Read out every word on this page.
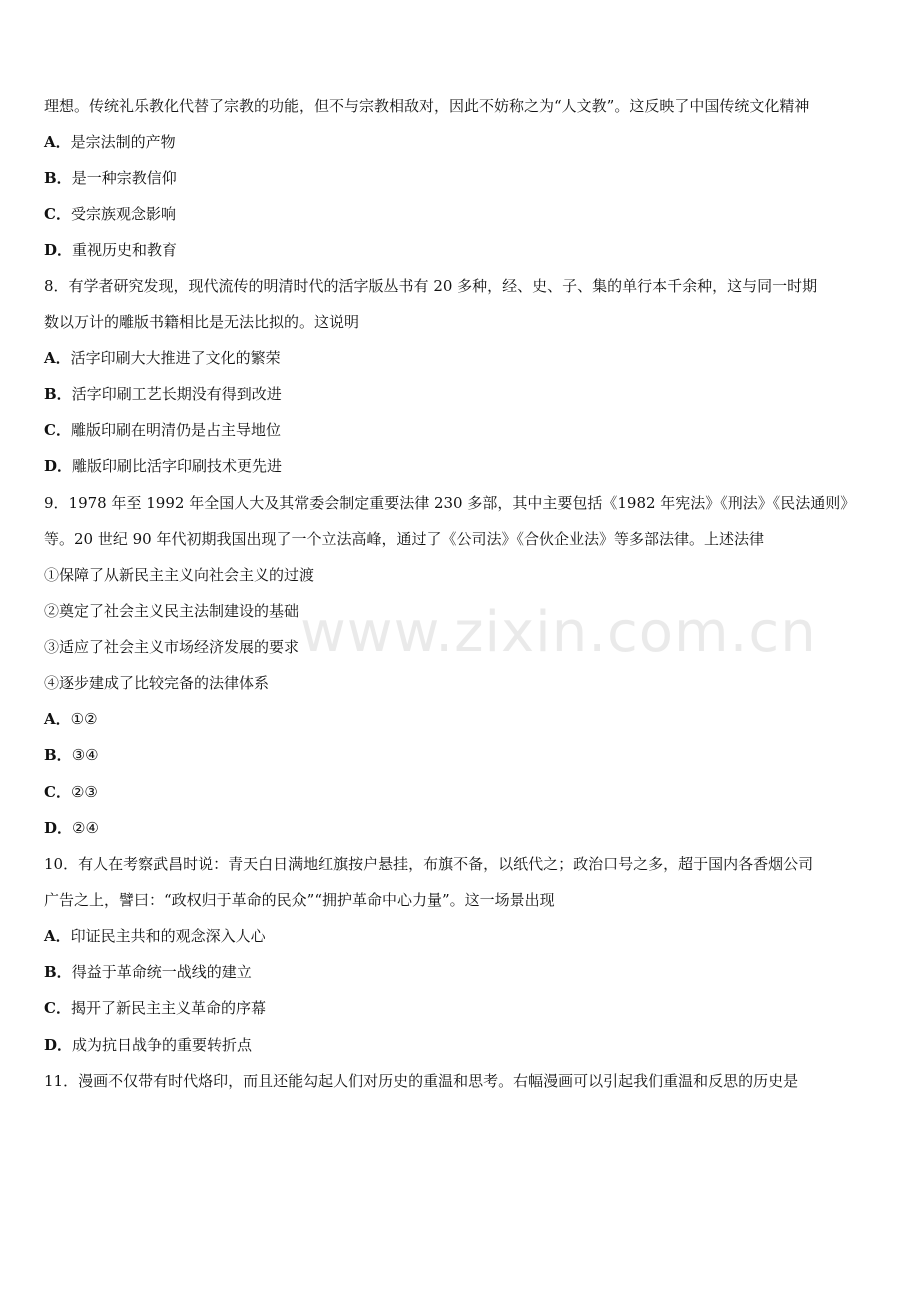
www.zixin.com.cn
理想。传统礼乐教化代替了宗教的功能，但不与宗教相敌对，因此不妨称之为“人文教”。这反映了中国传统文化精神
A．是宗法制的产物
B．是一种宗教信仰
C．受宗族观念影响
D．重视历史和教育
8．有学者研究发现，现代流传的明清时代的活字版丛书有 20 多种，经、史、子、集的单行本千余种，这与同一时期
数以万计的雕版书籍相比是无法比拟的。这说明
A．活字印刷大大推进了文化的繁荣
B．活字印刷工艺长期没有得到改进
C．雕版印刷在明清仍是占主导地位
D．雕版印刷比活字印刷技术更先进
9．1978 年至 1992 年全国人大及其常委会制定重要法律 230 多部，其中主要包括《1982 年宪法》《刑法》《民法通则》
等。20 世纪 90 年代初期我国出现了一个立法高峰，通过了《公司法》《合伙企业法》等多部法律。上述法律
①保障了从新民主主义向社会主义的过渡
②奠定了社会主义民主法制建设的基础
③适应了社会主义市场经济发展的要求
④逐步建成了比较完备的法律体系
A．①②
B．③④
C．②③
D．②④
10．有人在考察武昌时说：青天白日满地红旗按户悬挂，布旗不备，以纸代之；政治口号之多，超于国内各香烟公司
广告之上，譬曰：“政权归于革命的民众”“拥护革命中心力量”。这一场景出现
A．印证民主共和的观念深入人心
B．得益于革命统一战线的建立
C．揭开了新民主主义革命的序幕
D．成为抗日战争的重要转折点
11．漫画不仅带有时代烙印，而且还能勾起人们对历史的重温和思考。右幅漫画可以引起我们重温和反思的历史是
